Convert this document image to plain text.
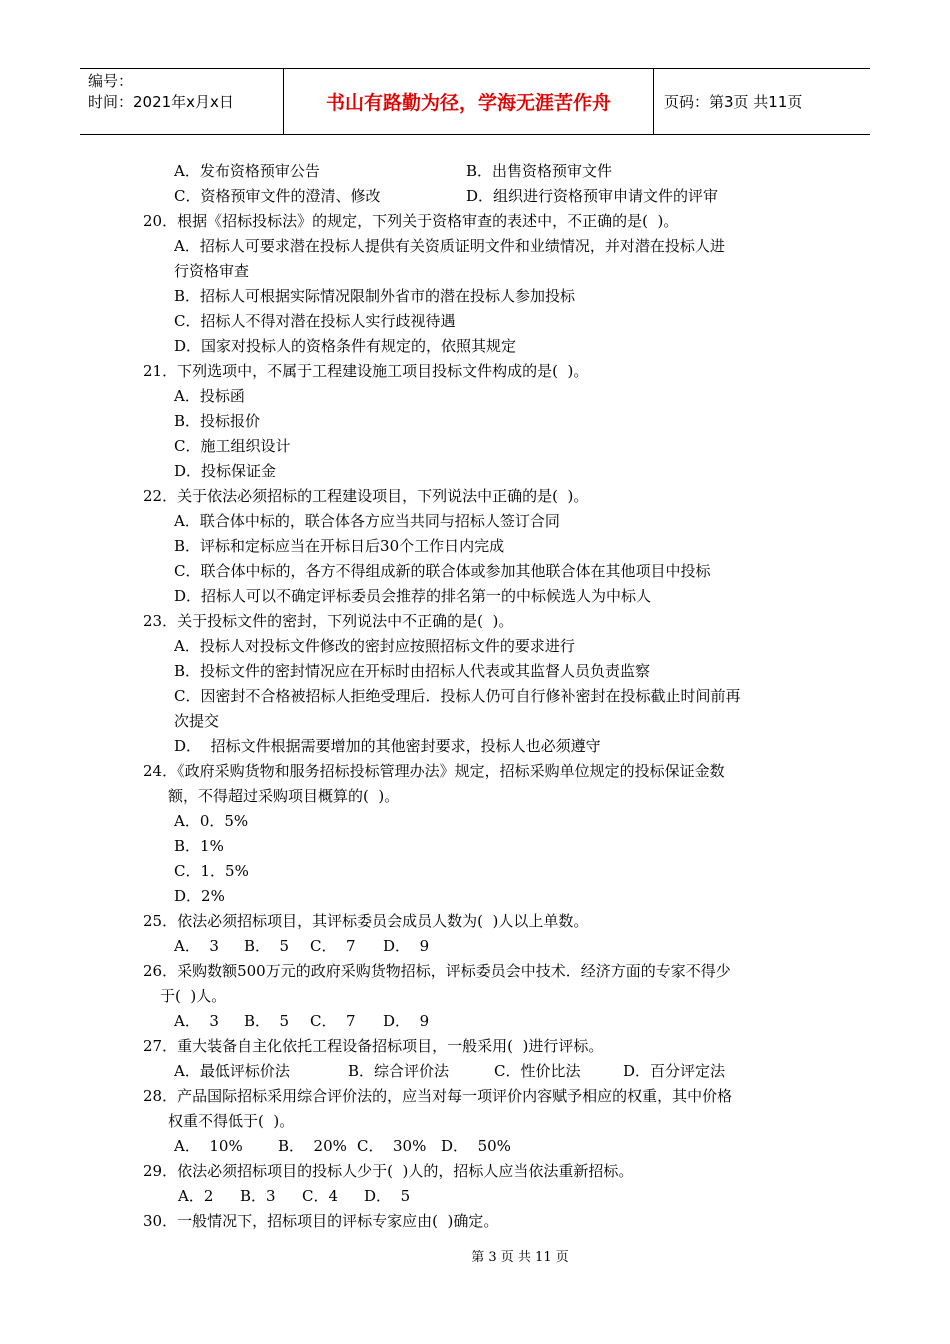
编号：
时间：2021年x月x日	书山有路勤为径，学海无涯苦作舟	页码：第3页 共11页
A．发布资格预审公告	B．出售资格预审文件
C．资格预审文件的澄清、修改	D．组织进行资格预审申请文件的评审
20．根据《招标投标法》的规定，下列关于资格审查的表述中，不正确的是(  )。
A．招标人可要求潜在投标人提供有关资质证明文件和业绩情况，并对潜在投标人进
行资格审查
B．招标人可根据实际情况限制外省市的潜在投标人参加投标
C．招标人不得对潜在投标人实行歧视待遇
D．国家对投标人的资格条件有规定的，依照其规定
21．下列选项中，不属于工程建设施工项目投标文件构成的是(  )。
A．投标函
B．投标报价
C．施工组织设计
D．投标保证金
22．关于依法必须招标的工程建设项目，下列说法中正确的是(  )。
A．联合体中标的，联合体各方应当共同与招标人签订合同
B．评标和定标应当在开标日后30个工作日内完成
C．联合体中标的，各方不得组成新的联合体或参加其他联合体在其他项目中投标
D．招标人可以不确定评标委员会推荐的排名第一的中标候选人为中标人
23．关于投标文件的密封，下列说法中不正确的是(  )。
A．投标人对投标文件修改的密封应按照招标文件的要求进行
B．投标文件的密封情况应在开标时由招标人代表或其监督人员负责监察
C．因密封不合格被招标人拒绝受理后．投标人仍可自行修补密封在投标截止时间前再
次提交
D．  招标文件根据需要增加的其他密封要求，投标人也必须遵守
24．《政府采购货物和服务招标投标管理办法》规定，招标采购单位规定的投标保证金数
额，不得超过采购项目概算的(  )。
A．0．5%
B．1%
C．1．5%
D．2%
25．依法必须招标项目，其评标委员会成员人数为(  )人以上单数。
A．  3 B．  5 C．  7 D．  9
26．采购数额500万元的政府采购货物招标，评标委员会中技术．经济方面的专家不得少
于(  )人。
A．  3 B．  5 C．  7 D．  9
27．重大装备自主化依托工程设备招标项目，一般采用(  )进行评标。
A．最低评标价法	B．综合评价法	C．性价比法	D．百分评定法
28．产品国际招标采用综合评价法的，应当对每一项评价内容赋予相应的权重，其中价格
权重不得低于(  )。
A．  10% B．  20% C．  30% D．  50%
29．依法必须招标项目的投标人少于(  )人的，招标人应当依法重新招标。
A．2 B．3 C．4 D．  5
30．一般情况下，招标项目的评标专家应由(  )确定。
第 3 页 共 11 页
